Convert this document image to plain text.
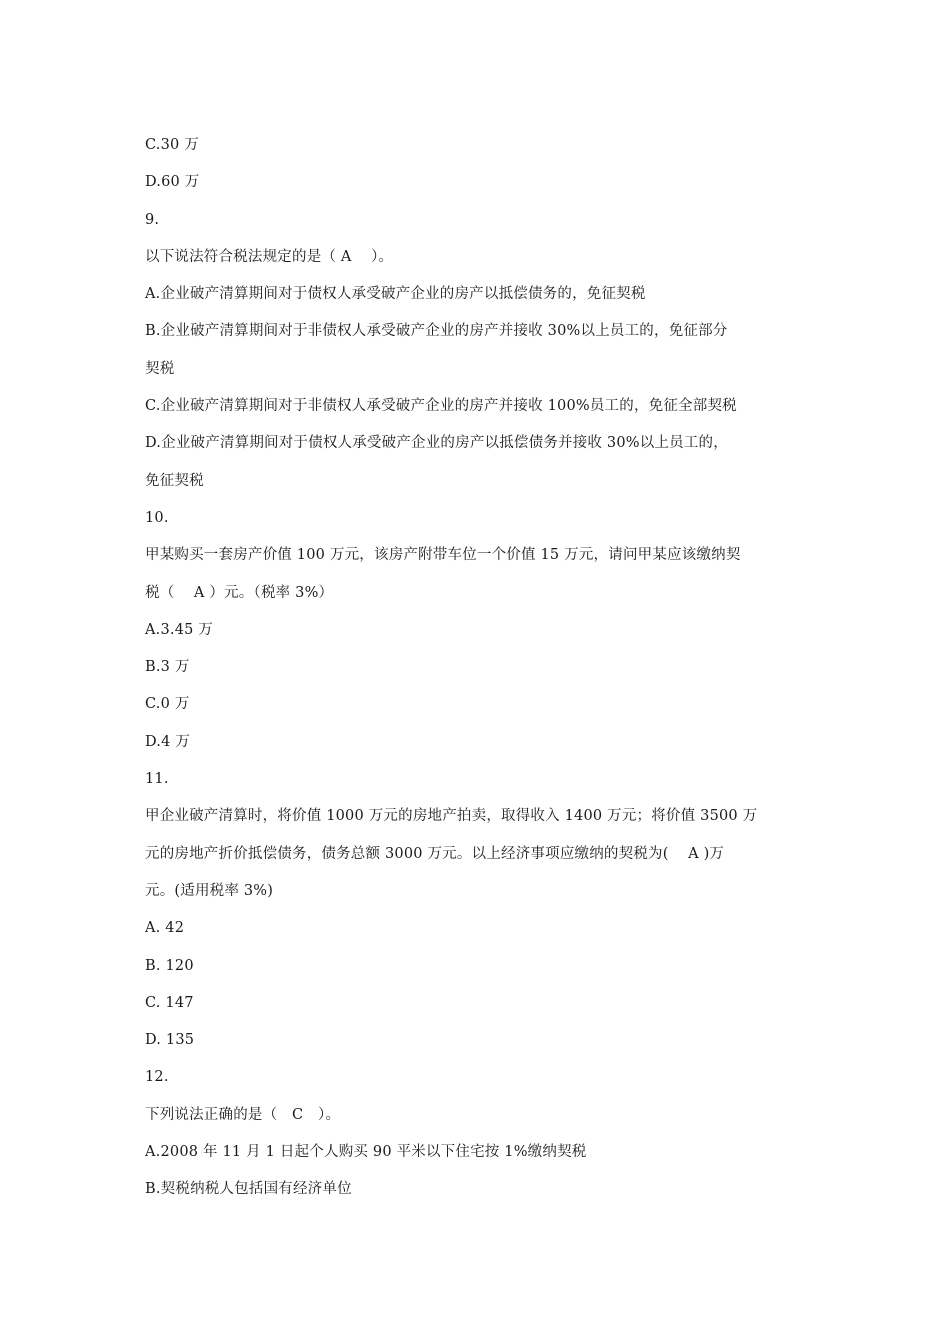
C.30 万
D.60 万
9.
以下说法符合税法规定的是（ A　 ）。
A.企业破产清算期间对于债权人承受破产企业的房产以抵偿债务的，免征契税
B.企业破产清算期间对于非债权人承受破产企业的房产并接收 30%以上员工的，免征部分
契税
C.企业破产清算期间对于非债权人承受破产企业的房产并接收 100%员工的，免征全部契税
D.企业破产清算期间对于债权人承受破产企业的房产以抵偿债务并接收 30%以上员工的，
免征契税
10.
甲某购买一套房产价值 100 万元，该房产附带车位一个价值 15 万元，请问甲某应该缴纳契
税（　 A ）元。（税率 3%）
A.3.45 万
B.3 万
C.0 万
D.4 万
11.
甲企业破产清算时，将价值 1000 万元的房地产拍卖，取得收入 1400 万元；将价值 3500 万
元的房地产折价抵偿债务，债务总额 3000 万元。以上经济事项应缴纳的契税为(　 A )万
元。(适用税率 3%)
A. 42
B. 120
C. 147
D. 135
12.
下列说法正确的是（　C　）。
A.2008 年 11 月 1 日起个人购买 90 平米以下住宅按 1%缴纳契税
B.契税纳税人包括国有经济单位
